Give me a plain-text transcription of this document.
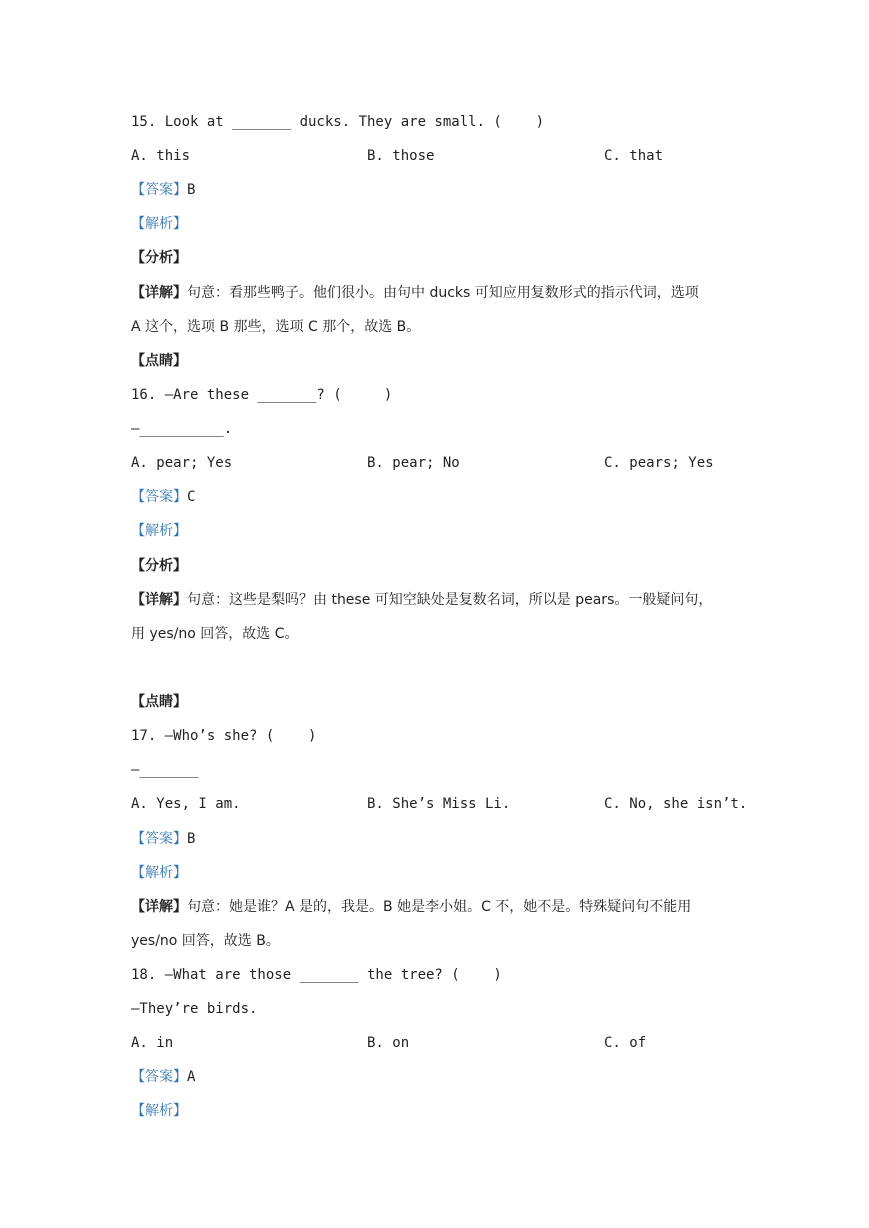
15. Look at _______ ducks. They are small. (    )
A. this	B. those	C. that
【答案】B
【解析】
【分析】
【详解】句意：看那些鸭子。他们很小。由句中 ducks 可知应用复数形式的指示代词，选项
A 这个，选项 B 那些，选项 C 那个，故选 B。
【点睛】
16. —Are these _______? (     )
—__________.
A. pear; Yes	B. pear; No	C. pears; Yes
【答案】C
【解析】
【分析】
【详解】句意：这些是梨吗？由 these 可知空缺处是复数名词，所以是 pears。一般疑问句，
用 yes/no 回答，故选 C。
【点睛】
17. —Who’s she? (    )
—_______
A. Yes, I am.	B. She’s Miss Li.	C. No, she isn’t.
【答案】B
【解析】
【详解】句意：她是谁？A 是的，我是。B 她是李小姐。C 不，她不是。特殊疑问句不能用
yes/no 回答，故选 B。
18. —What are those _______ the tree? (    )
—They’re birds.
A. in	B. on	C. of
【答案】A
【解析】
